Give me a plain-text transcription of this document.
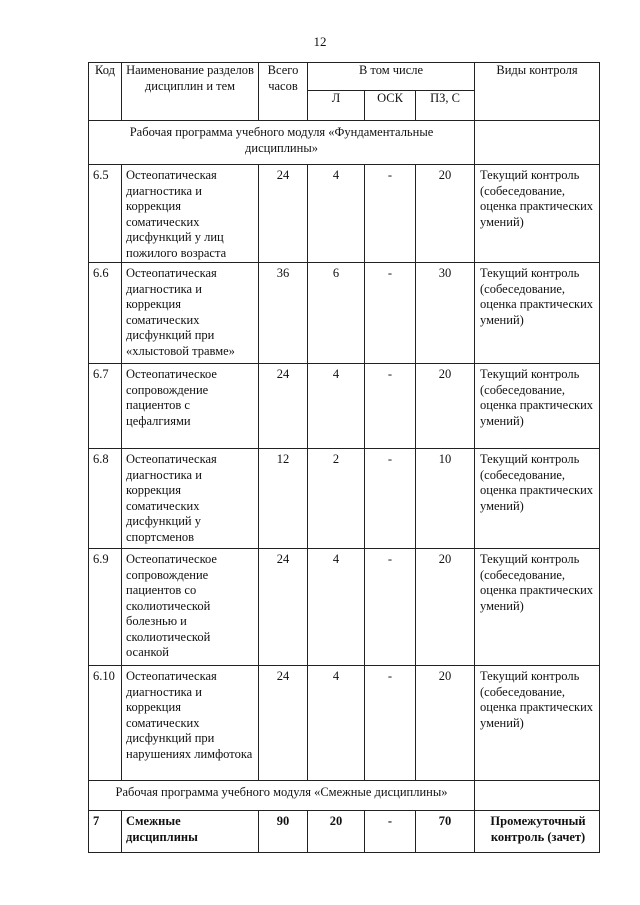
12
Код	Наименование разделов дисциплин и тем	Всего часов	В том числе			Виды контроля
			Л	ОСК	ПЗ, С	
Рабочая программа учебного модуля «Фундаментальные дисциплины»						
6.5	Остеопатическая диагностика и коррекция соматических дисфункций у лиц пожилого возраста	24	4	-	20	Текущий контроль (собеседование, оценка практических умений)
6.6	Остеопатическая диагностика и коррекция соматических дисфункций при «хлыстовой травме»	36	6	-	30	Текущий контроль (собеседование, оценка практических умений)
6.7	Остеопатическое сопровождение пациентов с цефалгиями	24	4	-	20	Текущий контроль (собеседование, оценка практических умений)
6.8	Остеопатическая диагностика и коррекция соматических дисфункций у спортсменов	12	2	-	10	Текущий контроль (собеседование, оценка практических умений)
6.9	Остеопатическое сопровождение пациентов со сколиотической болезнью и сколиотической осанкой	24	4	-	20	Текущий контроль (собеседование, оценка практических умений)
6.10	Остеопатическая диагностика и коррекция соматических дисфункций при нарушениях лимфотока	24	4	-	20	Текущий контроль (собеседование, оценка практических умений)
Рабочая программа учебного модуля «Смежные дисциплины»						
7	Смежные дисциплины	90	20	-	70	Промежуточный контроль (зачет)
